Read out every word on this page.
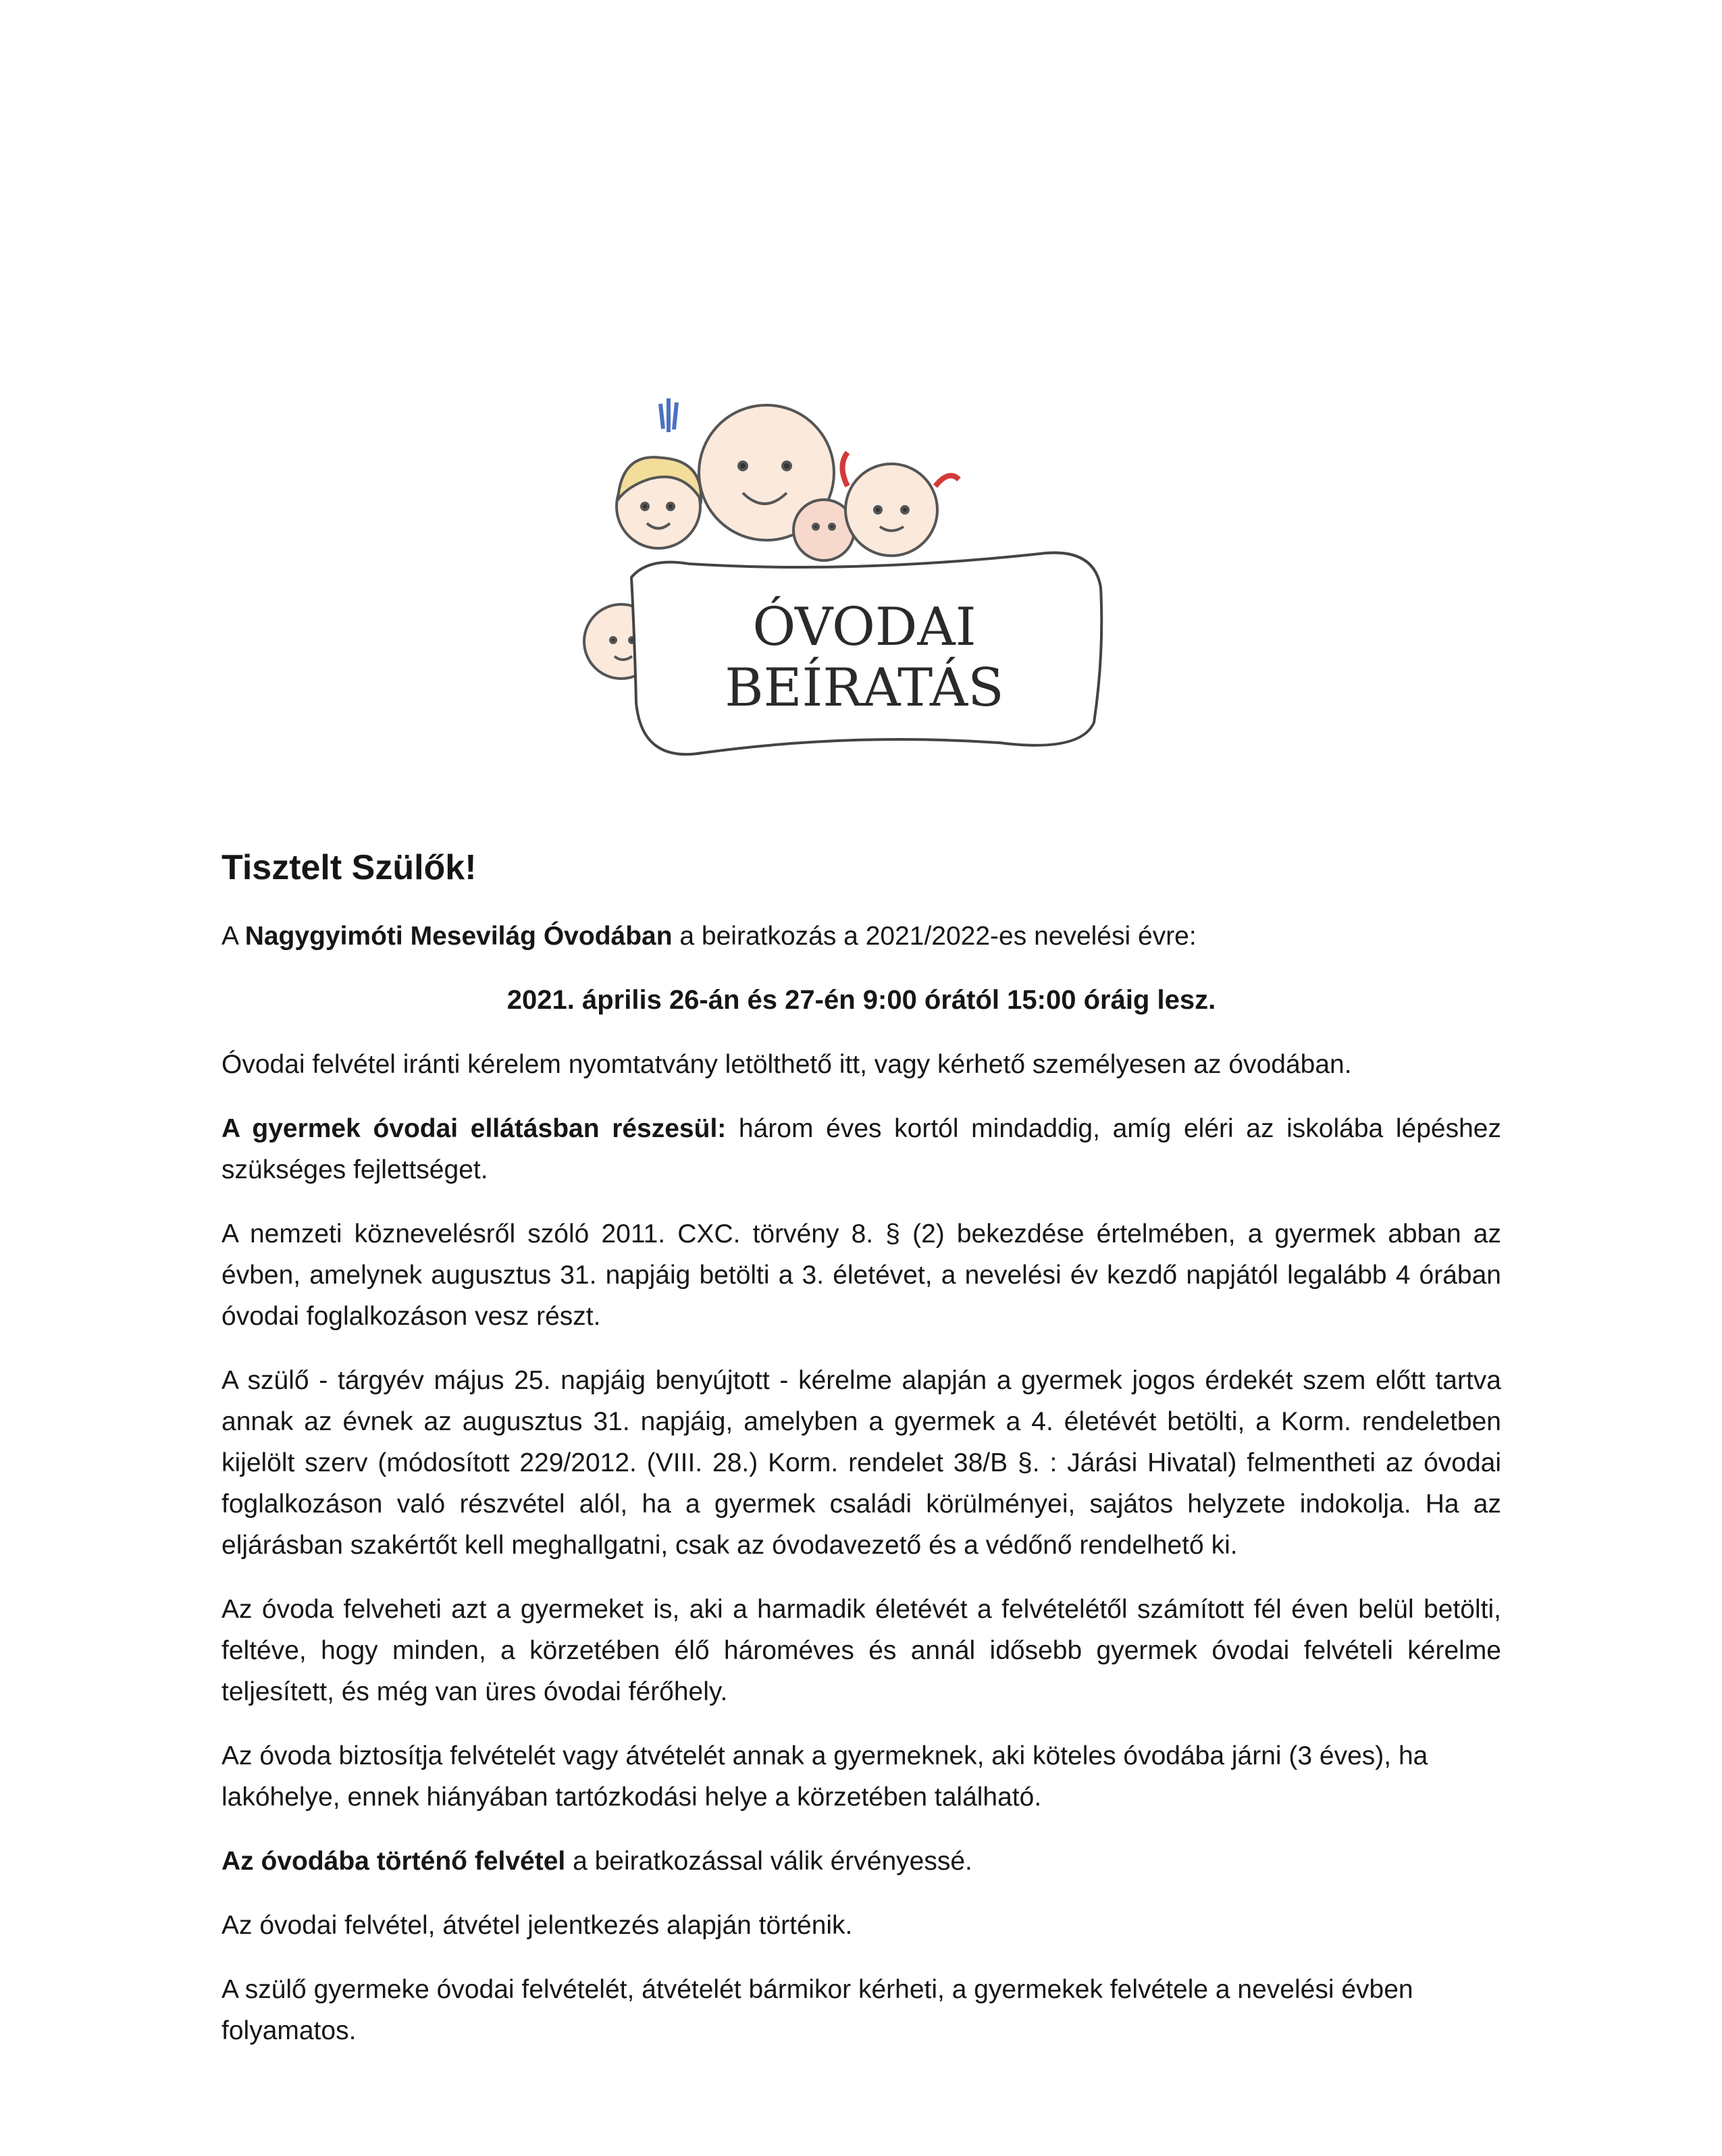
ÓVODAI
BEÍRATÁS
Tisztelt Szülők!
A Nagygyimóti Mesevilág Óvodában a beiratkozás a 2021/2022-es nevelési évre:
2021. április 26-án és 27-én 9:00 órától 15:00 óráig lesz.
Óvodai felvétel iránti kérelem nyomtatvány letölthető itt, vagy kérhető személyesen az óvodában.
A gyermek óvodai ellátásban részesül: három éves kortól mindaddig, amíg eléri az iskolába lépéshez szükséges fejlettséget.
A nemzeti köznevelésről szóló 2011. CXC. törvény 8. § (2) bekezdése értelmében, a gyermek abban az évben, amelynek augusztus 31. napjáig betölti a 3. életévet, a nevelési év kezdő napjától legalább 4 órában óvodai foglalkozáson vesz részt.
A szülő - tárgyév május 25. napjáig benyújtott - kérelme alapján a gyermek jogos érdekét szem előtt tartva annak az évnek az augusztus 31. napjáig, amelyben a gyermek a 4. életévét betölti, a Korm. rendeletben kijelölt szerv (módosított 229/2012. (VIII. 28.) Korm. rendelet 38/B §. : Járási Hivatal) felmentheti az óvodai foglalkozáson való részvétel alól, ha a gyermek családi körülményei, sajátos helyzete indokolja. Ha az eljárásban szakértőt kell meghallgatni, csak az óvodavezető és a védőnő rendelhető ki.
Az óvoda felveheti azt a gyermeket is, aki a harmadik életévét a felvételétől számított fél éven belül betölti, feltéve, hogy minden, a körzetében élő hároméves és annál idősebb gyermek óvodai felvételi kérelme teljesített, és még van üres óvodai férőhely.
Az óvoda biztosítja felvételét vagy átvételét annak a gyermeknek, aki köteles óvodába járni (3 éves), ha lakóhelye, ennek hiányában tartózkodási helye a körzetében található.
Az óvodába történő felvétel a beiratkozással válik érvényessé.
Az óvodai felvétel, átvétel jelentkezés alapján történik.
A szülő gyermeke óvodai felvételét, átvételét bármikor kérheti, a gyermekek felvétele a nevelési évben folyamatos.
